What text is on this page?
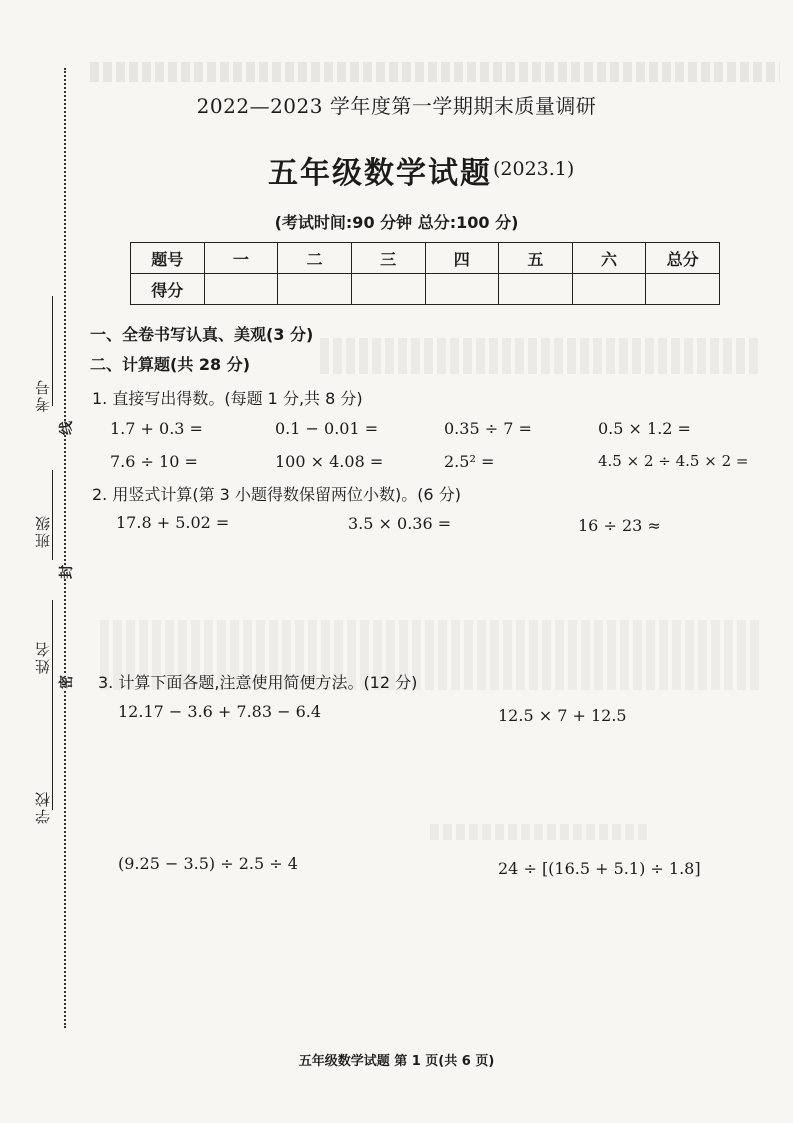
考号
线
班级
封
姓名
密
学校
2022—2023 学年度第一学期期末质量调研
五年级数学试题 (2023.1)
(考试时间:90 分钟 总分:100 分)
题号	一	二	三	四	五	六	总分
得分							
一、全卷书写认真、美观(3 分)
二、计算题(共 28 分)
1. 直接写出得数。(每题 1 分,共 8 分)
1.7 + 0.3 =	0.1 − 0.01 =	0.35 ÷ 7 =	0.5 × 1.2 =
7.6 ÷ 10 =	100 × 4.08 =	2.5² =	4.5 × 2 ÷ 4.5 × 2 =
2. 用竖式计算(第 3 小题得数保留两位小数)。(6 分)
17.8 + 5.02 =	3.5 × 0.36 =	16 ÷ 23 ≈
3. 计算下面各题,注意使用简便方法。(12 分)
12.17 − 3.6 + 7.83 − 6.4	12.5 × 7 + 12.5
(9.25 − 3.5) ÷ 2.5 ÷ 4	24 ÷ [(16.5 + 5.1) ÷ 1.8]
五年级数学试题 第 1 页(共 6 页)
